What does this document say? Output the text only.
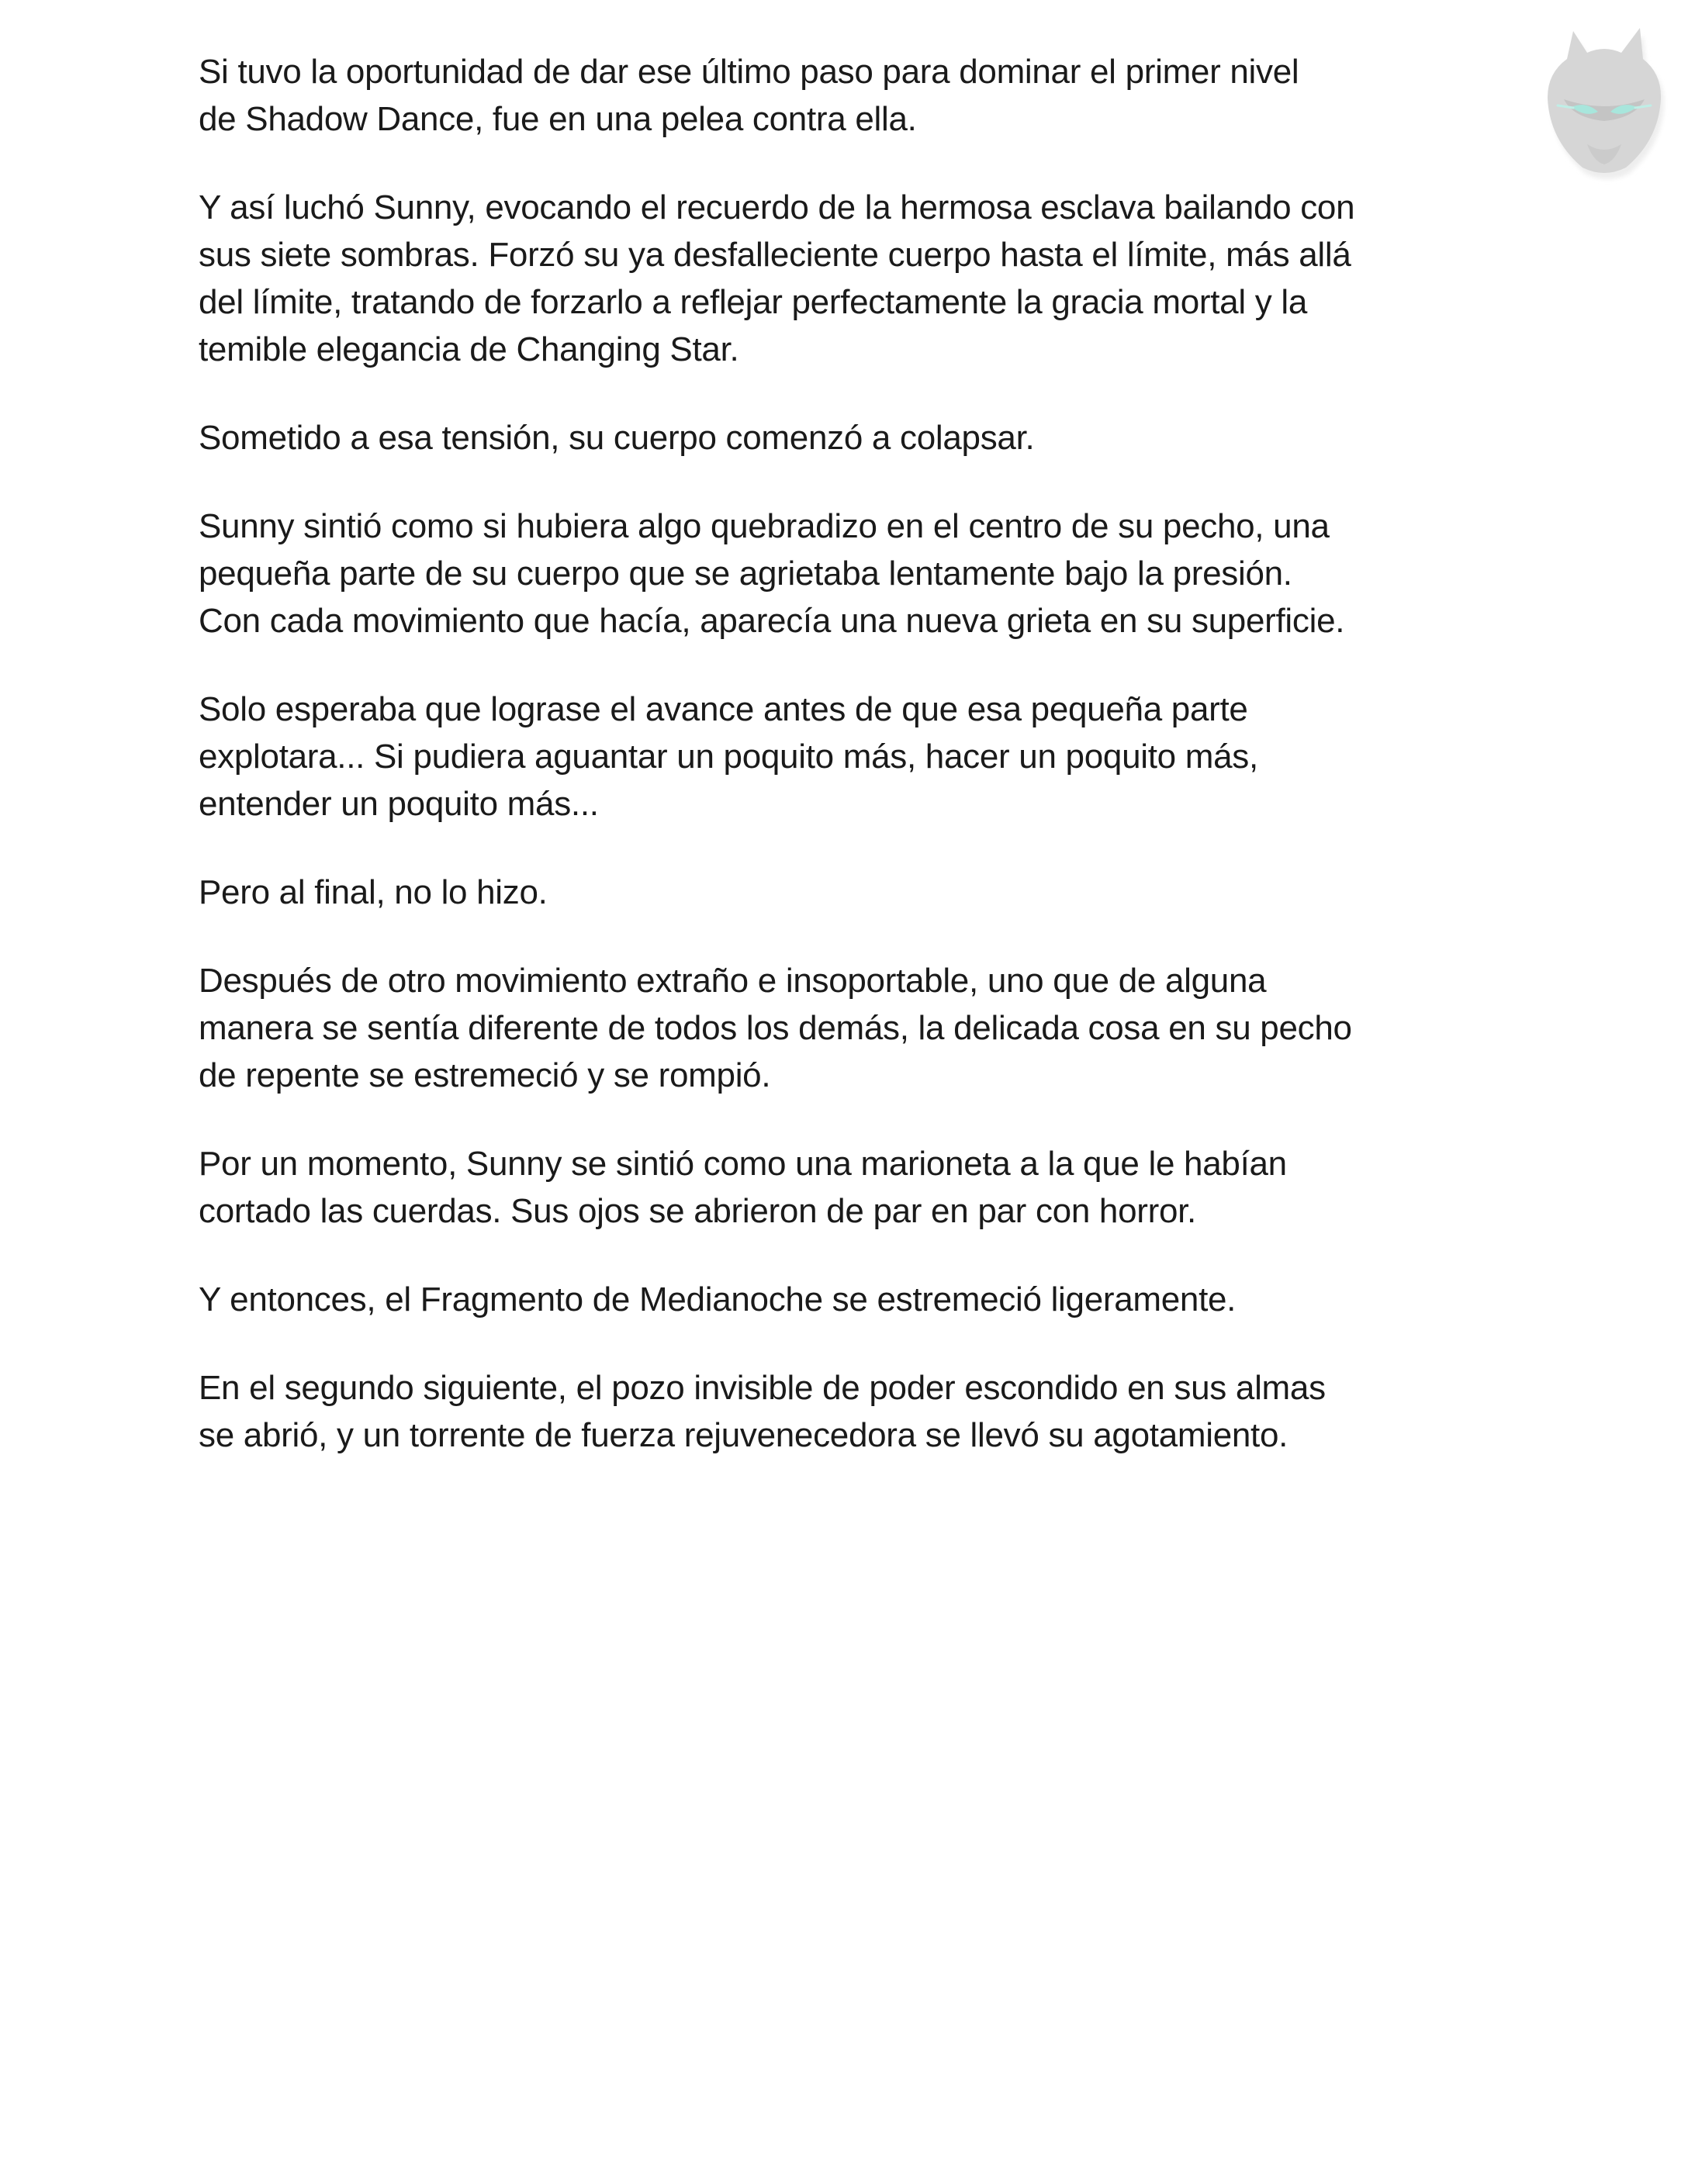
Si tuvo la oportunidad de dar ese último paso para dominar el primer nivel
de Shadow Dance, fue en una pelea contra ella.

Y así luchó Sunny, evocando el recuerdo de la hermosa esclava bailando con
sus siete sombras. Forzó su ya desfalleciente cuerpo hasta el límite, más allá
del límite, tratando de forzarlo a reflejar perfectamente la gracia mortal y la
temible elegancia de Changing Star.

Sometido a esa tensión, su cuerpo comenzó a colapsar.

Sunny sintió como si hubiera algo quebradizo en el centro de su pecho, una
pequeña parte de su cuerpo que se agrietaba lentamente bajo la presión.
Con cada movimiento que hacía, aparecía una nueva grieta en su superficie.

Solo esperaba que lograse el avance antes de que esa pequeña parte
explotara... Si pudiera aguantar un poquito más, hacer un poquito más,
entender un poquito más...

Pero al final, no lo hizo.

Después de otro movimiento extraño e insoportable, uno que de alguna
manera se sentía diferente de todos los demás, la delicada cosa en su pecho
de repente se estremeció y se rompió.

Por un momento, Sunny se sintió como una marioneta a la que le habían
cortado las cuerdas. Sus ojos se abrieron de par en par con horror.

Y entonces, el Fragmento de Medianoche se estremeció ligeramente.

En el segundo siguiente, el pozo invisible de poder escondido en sus almas
se abrió, y un torrente de fuerza rejuvenecedora se llevó su agotamiento.
